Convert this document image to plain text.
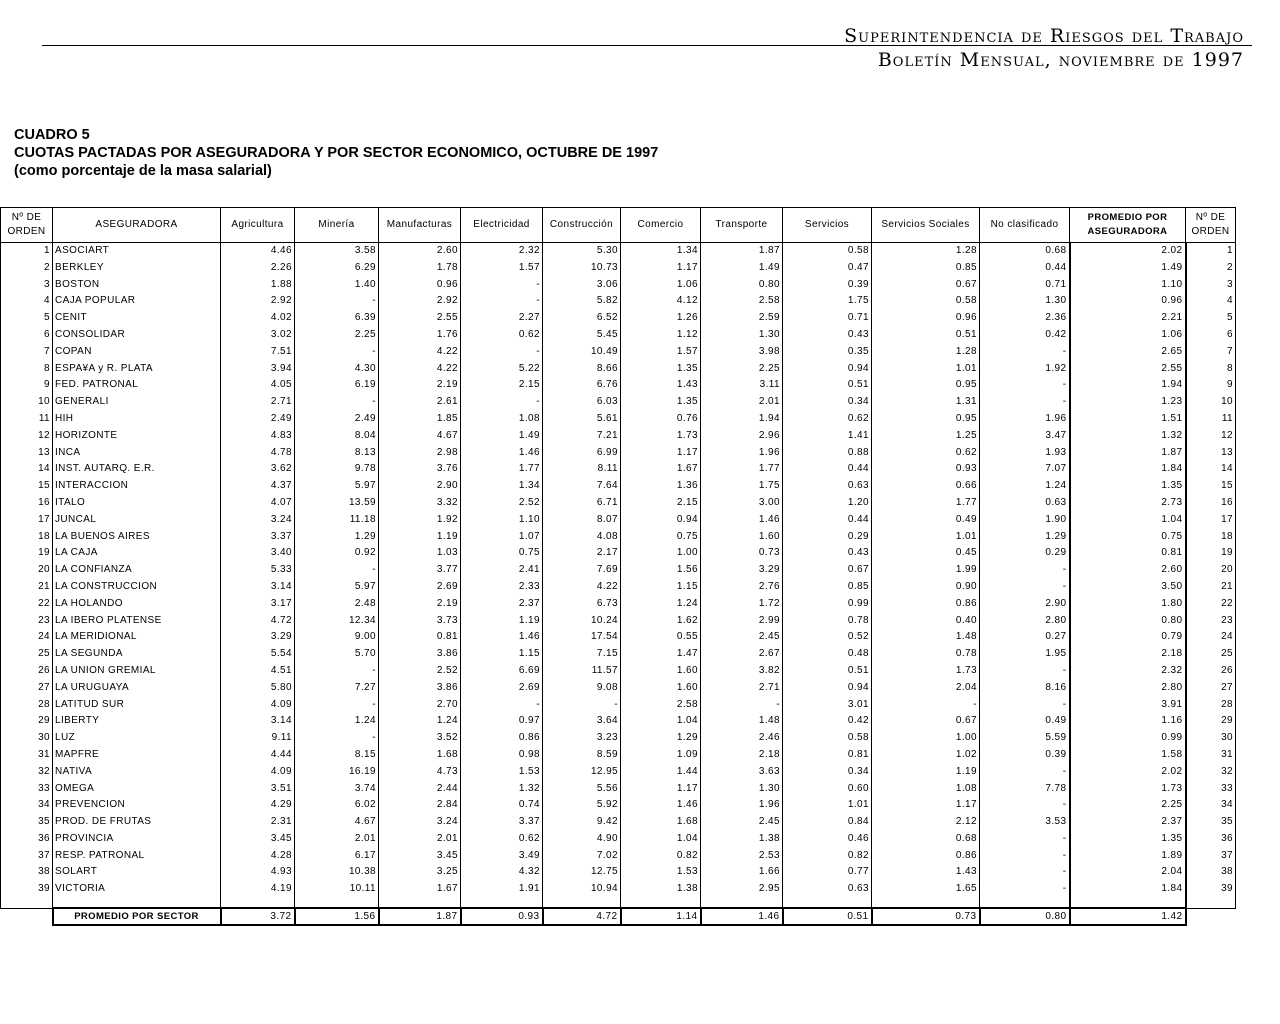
Superintendencia de Riesgos del Trabajo
Boletín Mensual, noviembre de 1997
CUADRO 5
CUOTAS PACTADAS POR ASEGURADORA Y POR SECTOR ECONOMICO, OCTUBRE DE 1997
(como porcentaje de la masa salarial)
Nº DE ORDEN	ASEGURADORA	Agricultura	Minería	Manufacturas	Electricidad	Construcción	Comercio	Transporte	Servicios	Servicios Sociales	No clasificado	PROMEDIO POR ASEGURADORA	Nº DE ORDEN
1	ASOCIART	4.46	3.58	2.60	2.32	5.30	1.34	1.87	0.58	1.28	0.68	2.02	1
2	BERKLEY	2.26	6.29	1.78	1.57	10.73	1.17	1.49	0.47	0.85	0.44	1.49	2
3	BOSTON	1.88	1.40	0.96	-	3.06	1.06	0.80	0.39	0.67	0.71	1.10	3
4	CAJA POPULAR	2.92	-	2.92	-	5.82	4.12	2.58	1.75	0.58	1.30	0.96	4
5	CENIT	4.02	6.39	2.55	2.27	6.52	1.26	2.59	0.71	0.96	2.36	2.21	5
6	CONSOLIDAR	3.02	2.25	1.76	0.62	5.45	1.12	1.30	0.43	0.51	0.42	1.06	6
7	COPAN	7.51	-	4.22	-	10.49	1.57	3.98	0.35	1.28	-	2.65	7
8	ESPA¥A y R. PLATA	3.94	4.30	4.22	5.22	8.66	1.35	2.25	0.94	1.01	1.92	2.55	8
9	FED. PATRONAL	4.05	6.19	2.19	2.15	6.76	1.43	3.11	0.51	0.95	-	1.94	9
10	GENERALI	2.71	-	2.61	-	6.03	1.35	2.01	0.34	1.31	-	1.23	10
11	HIH	2.49	2.49	1.85	1.08	5.61	0.76	1.94	0.62	0.95	1.96	1.51	11
12	HORIZONTE	4.83	8.04	4.67	1.49	7.21	1.73	2.96	1.41	1.25	3.47	1.32	12
13	INCA	4.78	8.13	2.98	1.46	6.99	1.17	1.96	0.88	0.62	1.93	1.87	13
14	INST. AUTARQ. E.R.	3.62	9.78	3.76	1.77	8.11	1.67	1.77	0.44	0.93	7.07	1.84	14
15	INTERACCION	4.37	5.97	2.90	1.34	7.64	1.36	1.75	0.63	0.66	1.24	1.35	15
16	ITALO	4.07	13.59	3.32	2.52	6.71	2.15	3.00	1.20	1.77	0.63	2.73	16
17	JUNCAL	3.24	11.18	1.92	1.10	8.07	0.94	1.46	0.44	0.49	1.90	1.04	17
18	LA BUENOS AIRES	3.37	1.29	1.19	1.07	4.08	0.75	1.60	0.29	1.01	1.29	0.75	18
19	LA CAJA	3.40	0.92	1.03	0.75	2.17	1.00	0.73	0.43	0.45	0.29	0.81	19
20	LA CONFIANZA	5.33	-	3.77	2.41	7.69	1.56	3.29	0.67	1.99	-	2.60	20
21	LA CONSTRUCCION	3.14	5.97	2.69	2.33	4.22	1.15	2.76	0.85	0.90	-	3.50	21
22	LA HOLANDO	3.17	2.48	2.19	2.37	6.73	1.24	1.72	0.99	0.86	2.90	1.80	22
23	LA IBERO PLATENSE	4.72	12.34	3.73	1.19	10.24	1.62	2.99	0.78	0.40	2.80	0.80	23
24	LA MERIDIONAL	3.29	9.00	0.81	1.46	17.54	0.55	2.45	0.52	1.48	0.27	0.79	24
25	LA SEGUNDA	5.54	5.70	3.86	1.15	7.15	1.47	2.67	0.48	0.78	1.95	2.18	25
26	LA UNION GREMIAL	4.51	-	2.52	6.69	11.57	1.60	3.82	0.51	1.73	-	2.32	26
27	LA URUGUAYA	5.80	7.27	3.86	2.69	9.08	1.60	2.71	0.94	2.04	8.16	2.80	27
28	LATITUD SUR	4.09	-	2.70	-	-	2.58	-	3.01	-	-	3.91	28
29	LIBERTY	3.14	1.24	1.24	0.97	3.64	1.04	1.48	0.42	0.67	0.49	1.16	29
30	LUZ	9.11	-	3.52	0.86	3.23	1.29	2.46	0.58	1.00	5.59	0.99	30
31	MAPFRE	4.44	8.15	1.68	0.98	8.59	1.09	2.18	0.81	1.02	0.39	1.58	31
32	NATIVA	4.09	16.19	4.73	1.53	12.95	1.44	3.63	0.34	1.19	-	2.02	32
33	OMEGA	3.51	3.74	2.44	1.32	5.56	1.17	1.30	0.60	1.08	7.78	1.73	33
34	PREVENCION	4.29	6.02	2.84	0.74	5.92	1.46	1.96	1.01	1.17	-	2.25	34
35	PROD. DE FRUTAS	2.31	4.67	3.24	3.37	9.42	1.68	2.45	0.84	2.12	3.53	2.37	35
36	PROVINCIA	3.45	2.01	2.01	0.62	4.90	1.04	1.38	0.46	0.68	-	1.35	36
37	RESP. PATRONAL	4.28	6.17	3.45	3.49	7.02	0.82	2.53	0.82	0.86	-	1.89	37
38	SOLART	4.93	10.38	3.25	4.32	12.75	1.53	1.66	0.77	1.43	-	2.04	38
39	VICTORIA	4.19	10.11	1.67	1.91	10.94	1.38	2.95	0.63	1.65	-	1.84	39

	PROMEDIO POR SECTOR	3.72	1.56	1.87	0.93	4.72	1.14	1.46	0.51	0.73	0.80	1.42	
